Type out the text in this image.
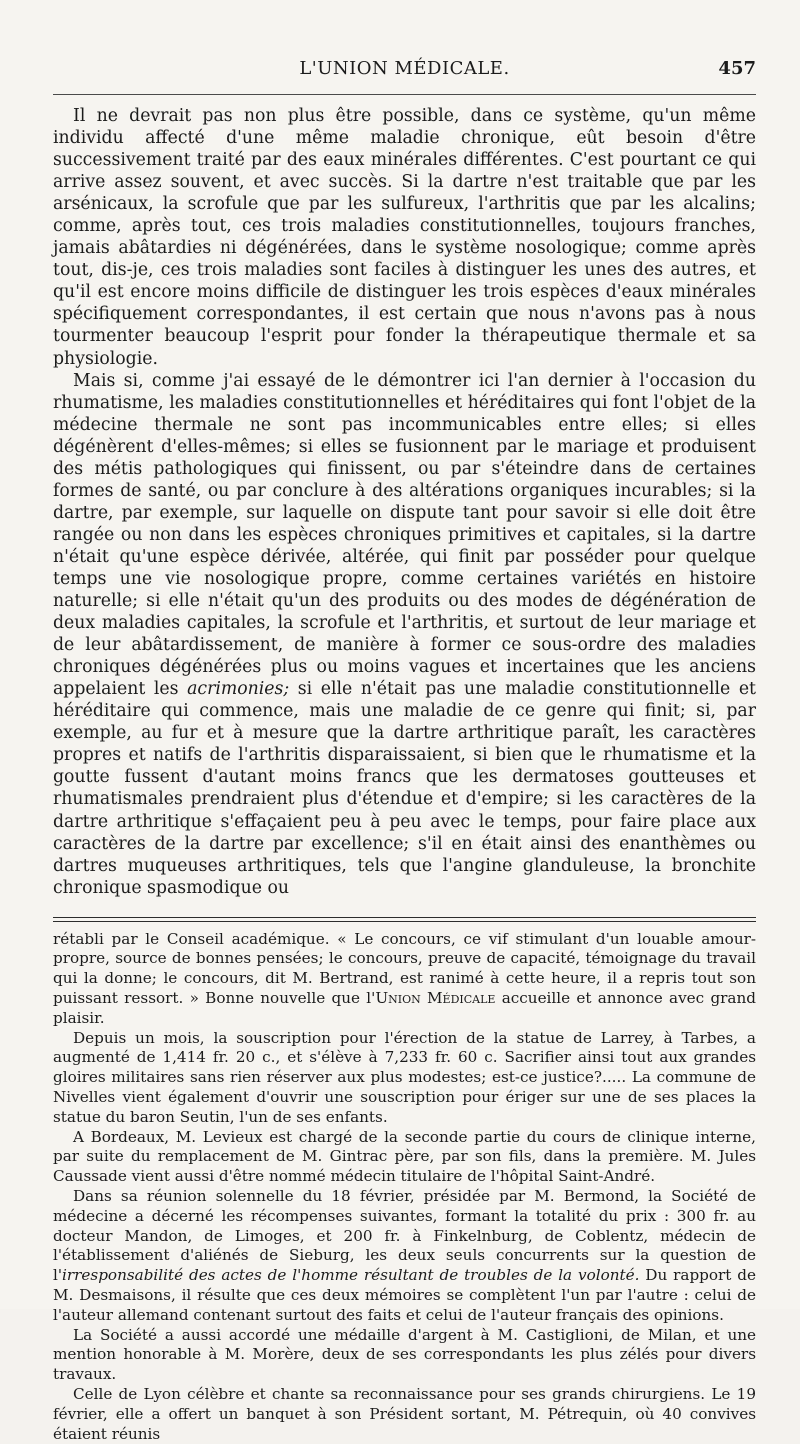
L'UNION MÉDICALE.	457

Il ne devrait pas non plus être possible, dans ce système, qu'un même individu affecté d'une même maladie chronique, eût besoin d'être successivement traité par des eaux minérales différentes. C'est pourtant ce qui arrive assez souvent, et avec succès. Si la dartre n'est traitable que par les arsénicaux, la scrofule que par les sulfureux, l'arthritis que par les alcalins; comme, après tout, ces trois maladies constitutionnelles, toujours franches, jamais abâtardies ni dégénérées, dans le système nosologique; comme après tout, dis-je, ces trois maladies sont faciles à distinguer les unes des autres, et qu'il est encore moins difficile de distinguer les trois espèces d'eaux minérales spécifiquement correspondantes, il est certain que nous n'avons pas à nous tourmenter beaucoup l'esprit pour fonder la thérapeutique thermale et sa physiologie.

Mais si, comme j'ai essayé de le démontrer ici l'an dernier à l'occasion du rhumatisme, les maladies constitutionnelles et héréditaires qui font l'objet de la médecine thermale ne sont pas incommunicables entre elles; si elles dégénèrent d'elles-mêmes; si elles se fusionnent par le mariage et produisent des métis pathologiques qui finissent, ou par s'éteindre dans de certaines formes de santé, ou par conclure à des altérations organiques incurables; si la dartre, par exemple, sur laquelle on dispute tant pour savoir si elle doit être rangée ou non dans les espèces chroniques primitives et capitales, si la dartre n'était qu'une espèce dérivée, altérée, qui finit par posséder pour quelque temps une vie nosologique propre, comme certaines variétés en histoire naturelle; si elle n'était qu'un des produits ou des modes de dégénération de deux maladies capitales, la scrofule et l'arthritis, et surtout de leur mariage et de leur abâtardissement, de manière à former ce sous-ordre des maladies chroniques dégénérées plus ou moins vagues et incertaines que les anciens appelaient les acrimonies; si elle n'était pas une maladie constitutionnelle et héréditaire qui commence, mais une maladie de ce genre qui finit; si, par exemple, au fur et à mesure que la dartre arthritique paraît, les caractères propres et natifs de l'arthritis disparaissaient, si bien que le rhumatisme et la goutte fussent d'autant moins francs que les dermatoses goutteuses et rhumatismales prendraient plus d'étendue et d'empire; si les caractères de la dartre arthritique s'effaçaient peu à peu avec le temps, pour faire place aux caractères de la dartre par excellence; s'il en était ainsi des enanthèmes ou dartres muqueuses arthritiques, tels que l'angine glanduleuse, la bronchite chronique spasmodique ou

rétabli par le Conseil académique. « Le concours, ce vif stimulant d'un louable amour-propre, source de bonnes pensées; le concours, preuve de capacité, témoignage du travail qui la donne; le concours, dit M. Bertrand, est ranimé à cette heure, il a repris tout son puissant ressort. » Bonne nouvelle que l'Union Médicale accueille et annonce avec grand plaisir.

Depuis un mois, la souscription pour l'érection de la statue de Larrey, à Tarbes, a augmenté de 1,414 fr. 20 c., et s'élève à 7,233 fr. 60 c. Sacrifier ainsi tout aux grandes gloires militaires sans rien réserver aux plus modestes; est-ce justice?..... La commune de Nivelles vient également d'ouvrir une souscription pour ériger sur une de ses places la statue du baron Seutin, l'un de ses enfants.

A Bordeaux, M. Levieux est chargé de la seconde partie du cours de clinique interne, par suite du remplacement de M. Gintrac père, par son fils, dans la première. M. Jules Caussade vient aussi d'être nommé médecin titulaire de l'hôpital Saint-André.

Dans sa réunion solennelle du 18 février, présidée par M. Bermond, la Société de médecine a décerné les récompenses suivantes, formant la totalité du prix : 300 fr. au docteur Mandon, de Limoges, et 200 fr. à Finkelnburg, de Coblentz, médecin de l'établissement d'aliénés de Sieburg, les deux seuls concurrents sur la question de l'irresponsabilité des actes de l'homme résultant de troubles de la volonté. Du rapport de M. Desmaisons, il résulte que ces deux mémoires se complètent l'un par l'autre : celui de l'auteur allemand contenant surtout des faits et celui de l'auteur français des opinions.

La Société a aussi accordé une médaille d'argent à M. Castiglioni, de Milan, et une mention honorable à M. Morère, deux de ses correspondants les plus zélés pour divers travaux.

Celle de Lyon célèbre et chante sa reconnaissance pour ses grands chirurgiens. Le 19 février, elle a offert un banquet à son Président sortant, M. Pétrequin, où 40 convives étaient réunis
